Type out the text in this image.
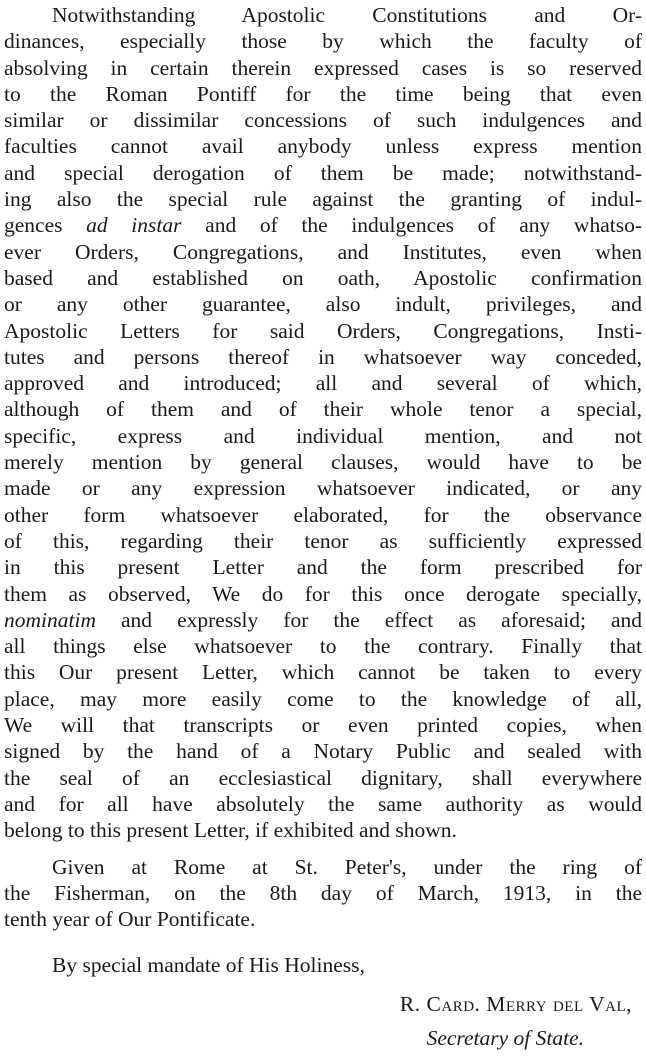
Notwithstanding Apostolic Constitutions and Or-
dinances, especially those by which the faculty of
absolving in certain therein expressed cases is so reserved
to the Roman Pontiff for the time being that even
similar or dissimilar concessions of such indulgences and
faculties cannot avail anybody unless express mention
and special derogation of them be made; notwithstand-
ing also the special rule against the granting of indul-
gences ad instar and of the indulgences of any whatso-
ever Orders, Congregations, and Institutes, even when
based and established on oath, Apostolic confirmation
or any other guarantee, also indult, privileges, and
Apostolic Letters for said Orders, Congregations, Insti-
tutes and persons thereof in whatsoever way conceded,
approved and introduced; all and several of which,
although of them and of their whole tenor a special,
specific, express and individual mention, and not
merely mention by general clauses, would have to be
made or any expression whatsoever indicated, or any
other form whatsoever elaborated, for the observance
of this, regarding their tenor as sufficiently expressed
in this present Letter and the form prescribed for
them as observed, We do for this once derogate specially,
nominatim and expressly for the effect as aforesaid; and
all things else whatsoever to the contrary. Finally that
this Our present Letter, which cannot be taken to every
place, may more easily come to the knowledge of all,
We will that transcripts or even printed copies, when
signed by the hand of a Notary Public and sealed with
the seal of an ecclesiastical dignitary, shall everywhere
and for all have absolutely the same authority as would
belong to this present Letter, if exhibited and shown.
Given at Rome at St. Peter's, under the ring of
the Fisherman, on the 8th day of March, 1913, in the
tenth year of Our Pontificate.
By special mandate of His Holiness,
R. Card. Merry del Val,
Secretary of State.
